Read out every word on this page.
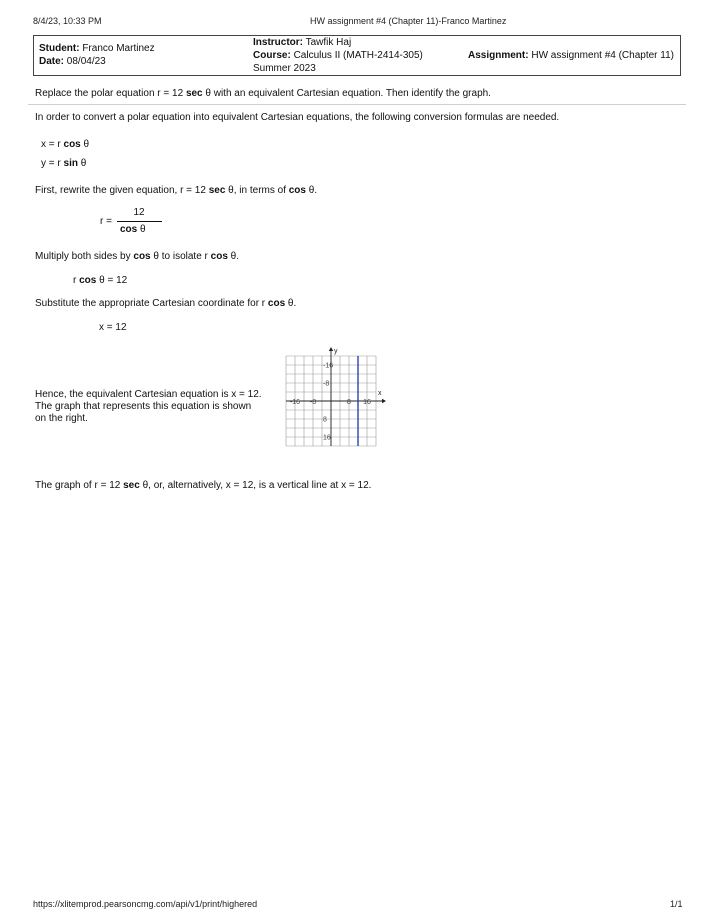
8/4/23, 10:33 PM	HW assignment #4 (Chapter 11)-Franco Martinez
Student: Franco Martinez
Date: 08/04/23
Instructor: Tawfik Haj
Course: Calculus II (MATH-2414-305)
Summer 2023
Assignment: HW assignment #4 (Chapter 11)
Replace the polar equation r = 12 sec θ with an equivalent Cartesian equation. Then identify the graph.
In order to convert a polar equation into equivalent Cartesian equations, the following conversion formulas are needed.
x = r cos θ
y = r sin θ
First, rewrite the given equation, r = 12 sec θ, in terms of cos θ.
r =
12
cos θ
Multiply both sides by cos θ to isolate r cos θ.
r cos θ = 12
Substitute the appropriate Cartesian coordinate for r cos θ.
x = 12
Hence, the equivalent Cartesian equation is x = 12.
The graph that represents this equation is shown
on the right.
-16 -8	8 16
16
8
-8
-16
x
y
The graph of r = 12 sec θ, or, alternatively, x = 12, is a vertical line at x = 12.
https://xlitemprod.pearsoncmg.com/api/v1/print/highered	1/1
